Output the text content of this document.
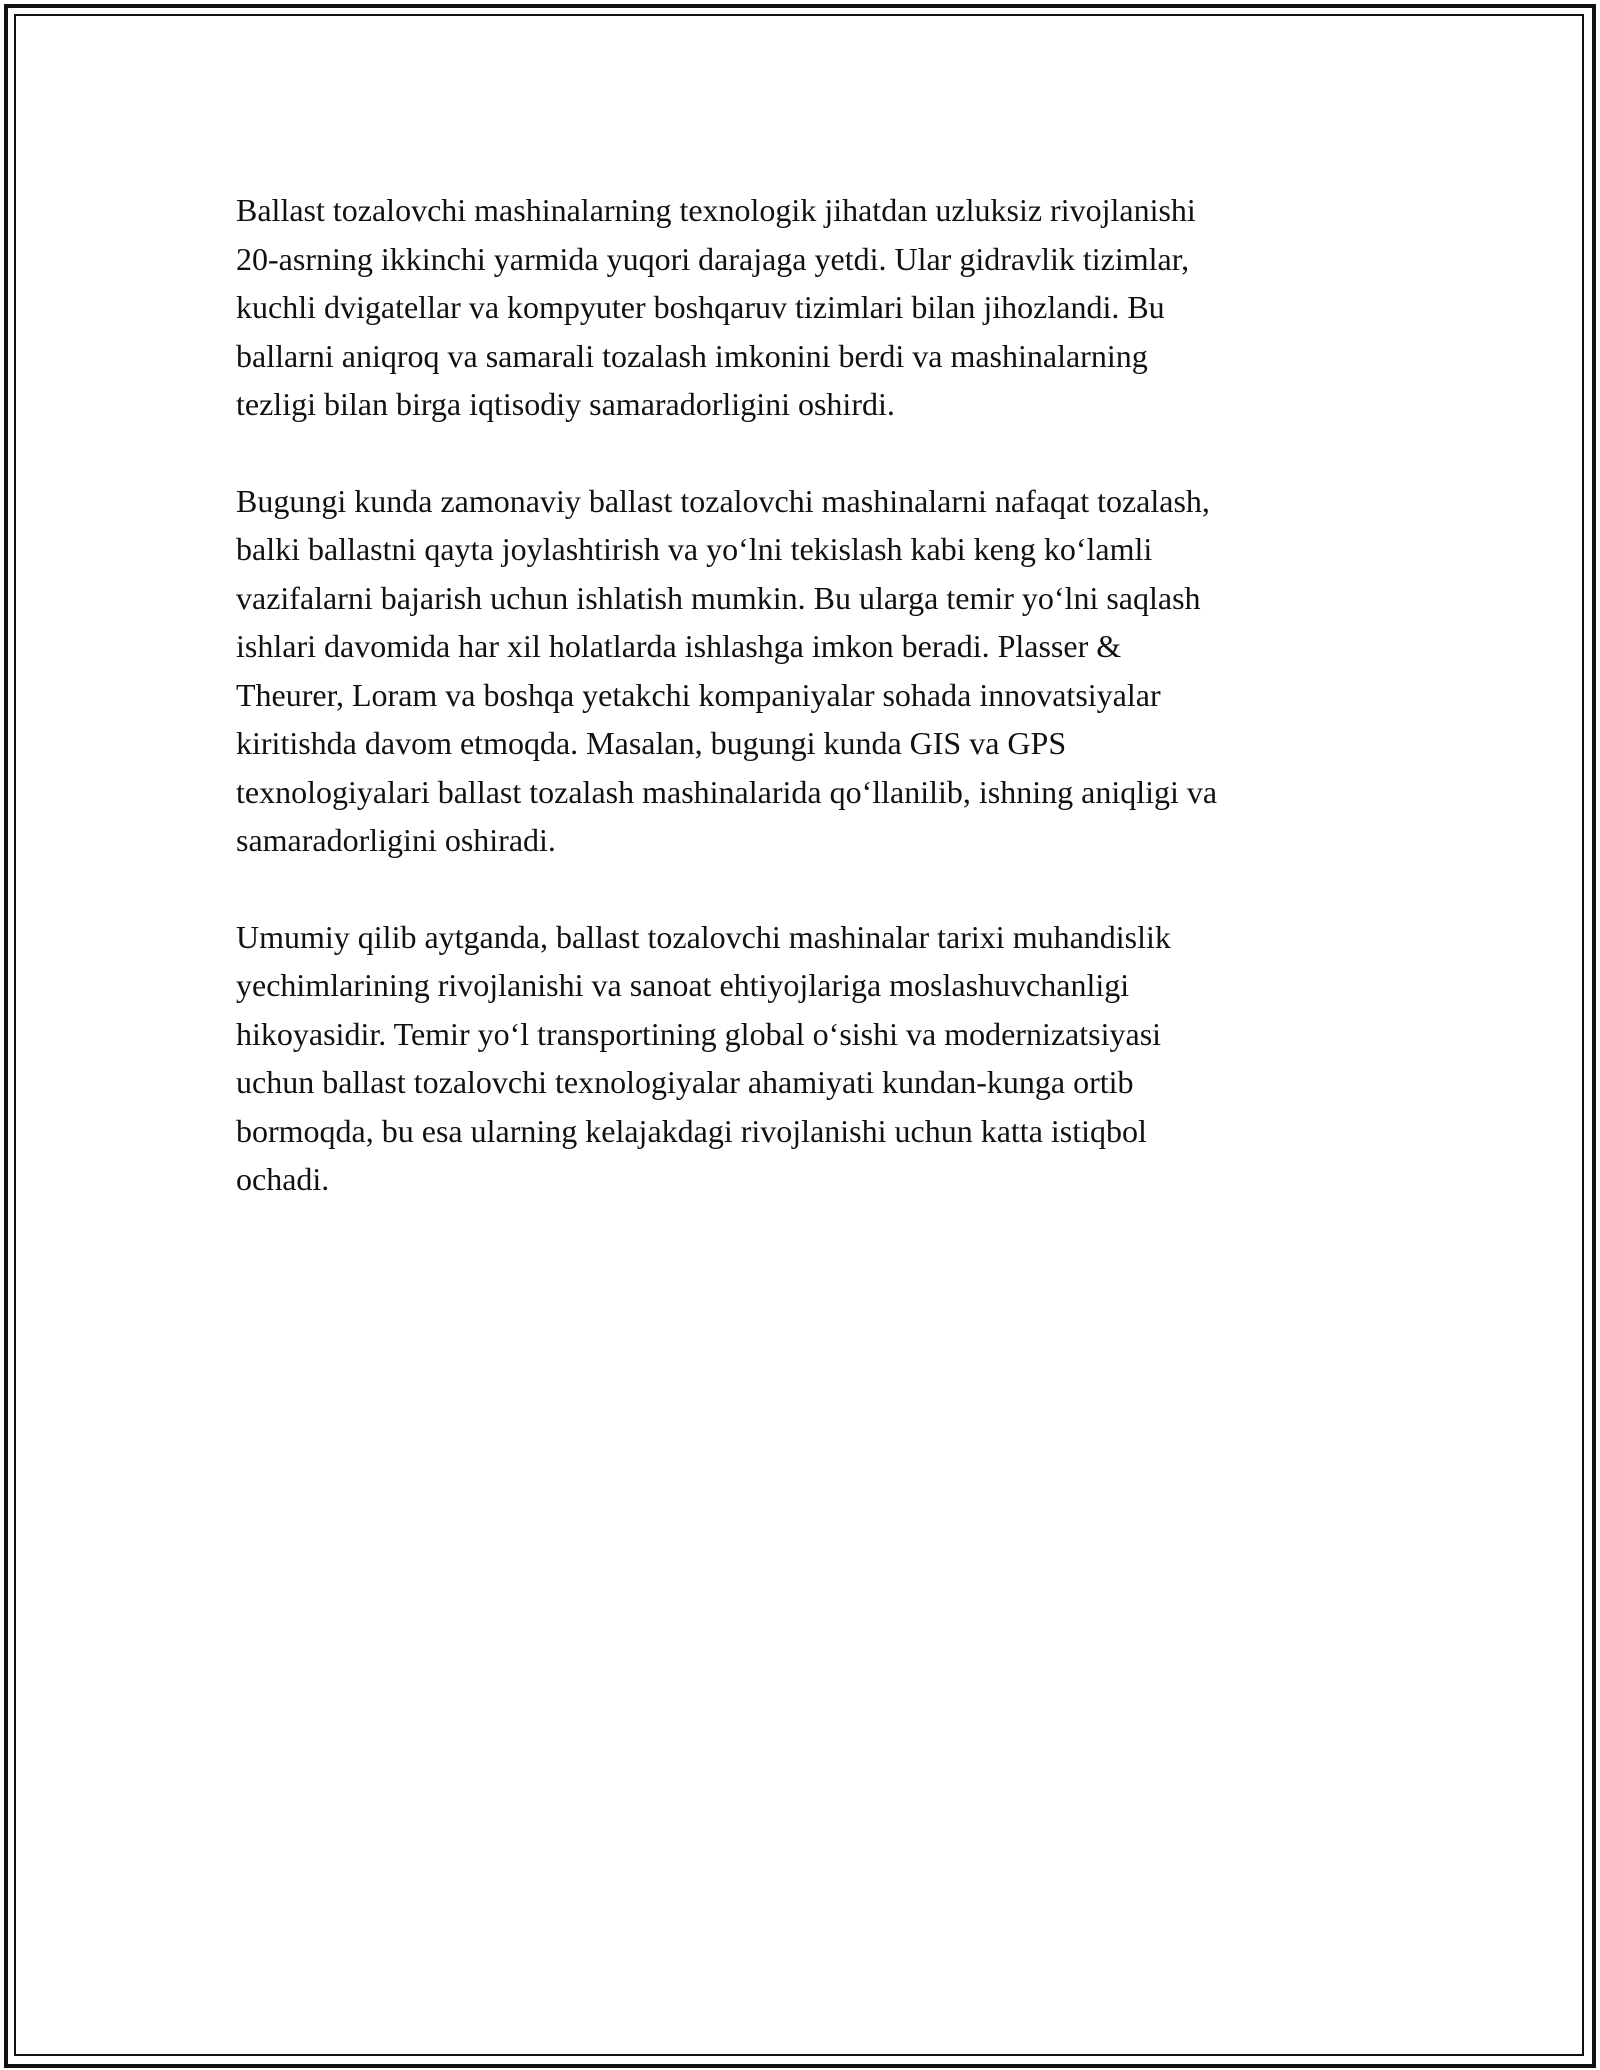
Ballast tozalovchi mashinalarning texnologik jihatdan uzluksiz rivojlanishi
20-asrning ikkinchi yarmida yuqori darajaga yetdi. Ular gidravlik tizimlar,
kuchli dvigatellar va kompyuter boshqaruv tizimlari bilan jihozlandi. Bu
ballarni aniqroq va samarali tozalash imkonini berdi va mashinalarning
tezligi bilan birga iqtisodiy samaradorligini oshirdi.

Bugungi kunda zamonaviy ballast tozalovchi mashinalarni nafaqat tozalash,
balki ballastni qayta joylashtirish va yo‘lni tekislash kabi keng ko‘lamli
vazifalarni bajarish uchun ishlatish mumkin. Bu ularga temir yo‘lni saqlash
ishlari davomida har xil holatlarda ishlashga imkon beradi. Plasser &
Theurer, Loram va boshqa yetakchi kompaniyalar sohada innovatsiyalar
kiritishda davom etmoqda. Masalan, bugungi kunda GIS va GPS
texnologiyalari ballast tozalash mashinalarida qo‘llanilib, ishning aniqligi va
samaradorligini oshiradi.

Umumiy qilib aytganda, ballast tozalovchi mashinalar tarixi muhandislik
yechimlarining rivojlanishi va sanoat ehtiyojlariga moslashuvchanligi
hikoyasidir. Temir yo‘l transportining global o‘sishi va modernizatsiyasi
uchun ballast tozalovchi texnologiyalar ahamiyati kundan-kunga ortib
bormoqda, bu esa ularning kelajakdagi rivojlanishi uchun katta istiqbol
ochadi.
